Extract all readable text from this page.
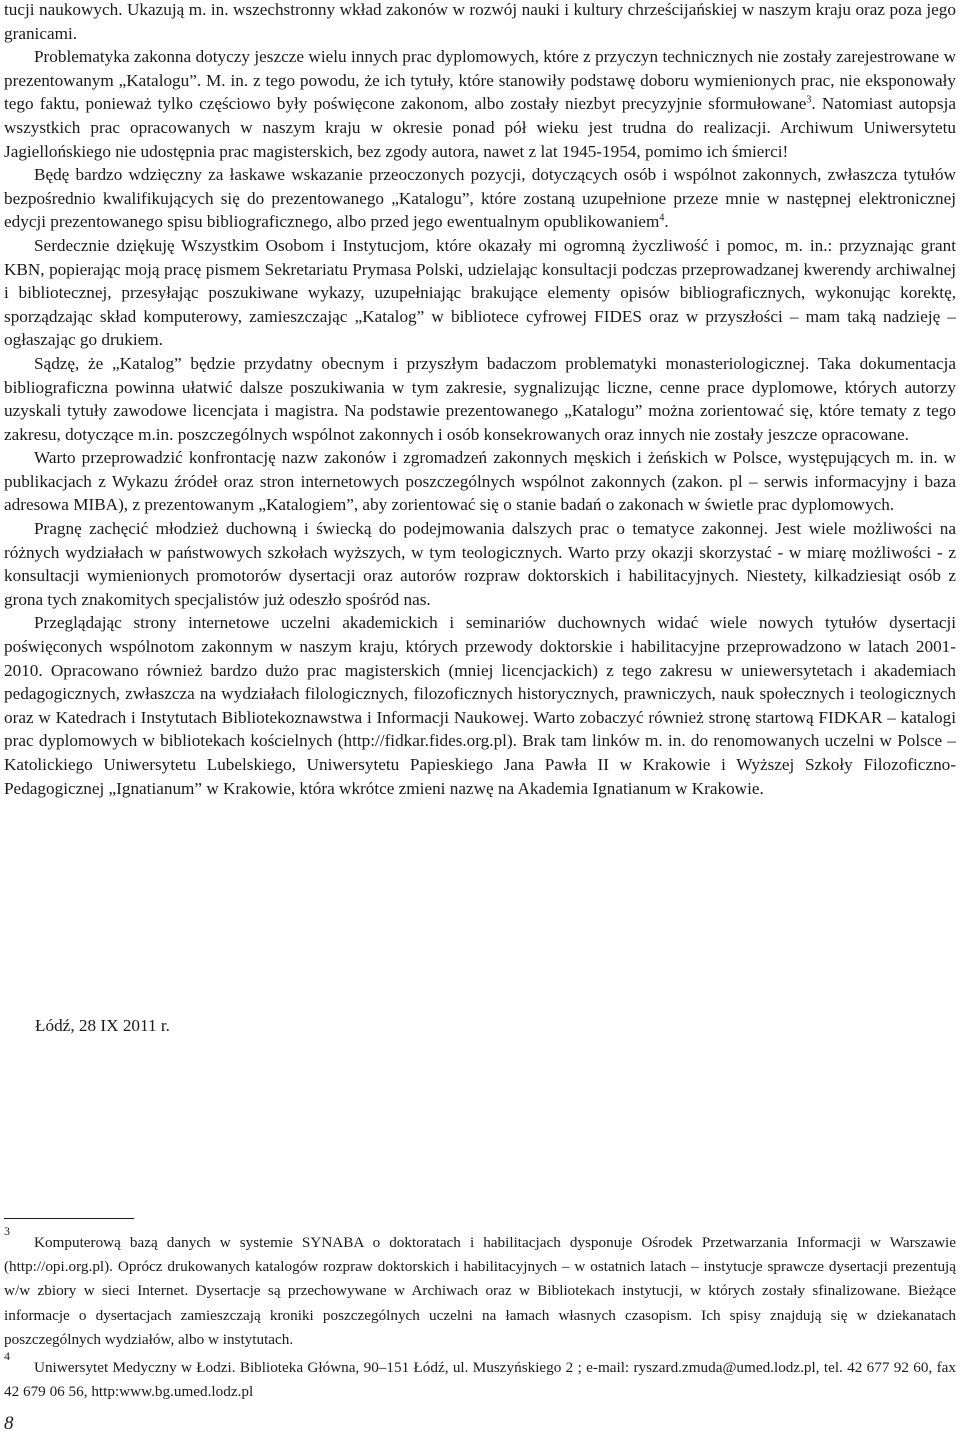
tucji naukowych. Ukazują m. in. wszechstronny wkład zakonów w rozwój nauki i kultury chrześcijańskiej w naszym kraju oraz poza jego granicami.

Problematyka zakonna dotyczy jeszcze wielu innych prac dyplomowych, które z przyczyn technicznych nie zostały zarejestrowane w prezentowanym „Katalogu”. M. in. z tego powodu, że ich tytuły, które stanowiły podstawę doboru wymienionych prac, nie eksponowały tego faktu, ponieważ tylko częściowo były poświęcone zakonom, albo zostały niezbyt precyzyjnie sformułowane$^3$. Natomiast autopsja wszystkich prac opracowanych w naszym kraju w okresie ponad pół wieku jest trudna do realizacji. Archiwum Uniwersytetu Jagiellońskiego nie udostępnia prac magisterskich, bez zgody autora, nawet z lat 1945-1954, pomimo ich śmierci!

Będę bardzo wdzięczny za łaskawe wskazanie przeoczonych pozycji, dotyczących osób i wspólnot zakonnych, zwłaszcza tytułów bezpośrednio kwalifikujących się do prezentowanego „Katalogu”, które zostaną uzupełnione przeze mnie w następnej elektronicznej edycji prezentowanego spisu bibliograficznego, albo przed jego ewentualnym opublikowaniem$^4$.

Serdecznie dziękuję Wszystkim Osobom i Instytucjom, które okazały mi ogromną życzliwość i pomoc, m. in.: przyznając grant KBN, popierając moją pracę pismem Sekretariatu Prymasa Polski, udzielając konsultacji podczas przeprowadzanej kwerendy archiwalnej i bibliotecznej, przesyłając poszukiwane wykazy, uzupełniając brakujące elementy opisów bibliograficznych, wykonując korektę, sporządzając skład komputerowy, zamieszczając „Katalog” w bibliotece cyfrowej FIDES oraz w przyszłości – mam taką nadzieję – ogłaszając go drukiem.

Sądzę, że „Katalog” będzie przydatny obecnym i przyszłym badaczom problematyki monasteriologicznej. Taka dokumentacja bibliograficzna powinna ułatwić dalsze poszukiwania w tym zakresie, sygnalizując liczne, cenne prace dyplomowe, których autorzy uzyskali tytuły zawodowe licencjata i magistra. Na podstawie prezentowanego „Katalogu” można zorientować się, które tematy z tego zakresu, dotyczące m.in. poszczególnych wspólnot zakonnych i osób konsekrowanych oraz innych nie zostały jeszcze opracowane.

Warto przeprowadzić konfrontację nazw zakonów i zgromadzeń zakonnych męskich i żeńskich w Polsce, występujących m. in. w publikacjach z Wykazu źródeł oraz stron internetowych poszczególnych wspólnot zakonnych (zakon. pl – serwis informacyjny i baza adresowa MIBA), z prezentowanym „Katalogiem”, aby zorientować się o stanie badań o zakonach w świetle prac dyplomowych.

Pragnę zachęcić młodzież duchowną i świecką do podejmowania dalszych prac o tematyce zakonnej. Jest wiele możliwości na różnych wydziałach w państwowych szkołach wyższych, w tym teologicznych. Warto przy okazji skorzystać - w miarę możliwości - z konsultacji wymienionych promotorów dysertacji oraz autorów rozpraw doktorskich i habilitacyjnych. Niestety, kilkadziesiąt osób z grona tych znakomitych specjalistów już odeszło spośród nas.

Przeglądając strony internetowe uczelni akademickich i seminariów duchownych widać wiele nowych tytułów dysertacji poświęconych wspólnotom zakonnym w naszym kraju, których przewody doktorskie i habilitacyjne przeprowadzono w latach 2001-2010. Opracowano również bardzo dużo prac magisterskich (mniej licencjackich) z tego zakresu w uniewersytetach i akademiach pedagogicznych, zwłaszcza na wydziałach filologicznych, filozoficznych historycznych, prawniczych, nauk społecznych i teologicznych oraz w Katedrach i Instytutach Bibliotekoznawstwa i Informacji Naukowej. Warto zobaczyć również stronę startową FIDKAR – katalogi prac dyplomowych w bibliotekach kościelnych (http://fidkar.fides.org.pl). Brak tam linków m. in. do renomowanych uczelni w Polsce – Katolickiego Uniwersytetu Lubelskiego, Uniwersytetu Papieskiego Jana Pawła II w Krakowie i Wyższej Szkoły Filozoficzno-Pedagogicznej „Ignatianum” w Krakowie, która wkrótce zmieni nazwę na Akademia Ignatianum w Krakowie.

Łódź, 28 IX 2011 r.
3

Komputerową bazą danych w systemie SYNABA o doktoratach i habilitacjach dysponuje Ośrodek Przetwarzania Informacji w Warszawie (http://opi.org.pl). Oprócz drukowanych katalogów rozpraw doktorskich i habilitacyjnych – w ostatnich latach – instytucje sprawcze dysertacji prezentują w/w zbiory w sieci Internet. Dysertacje są przechowywane w Archiwach oraz w Bibliotekach instytucji, w których zostały sfinalizowane. Bieżące informacje o dysertacjach zamieszczają kroniki poszczególnych uczelni na łamach własnych czasopism. Ich spisy znajdują się w dziekanatach poszczególnych wydziałów, albo w instytutach.

4

Uniwersytet Medyczny w Łodzi. Biblioteka Główna, 90–151 Łódź, ul. Muszyńskiego 2 ; e-mail: ryszard.zmuda@umed.lodz.pl, tel. 42 677 92 60, fax 42 679 06 56, http:www.bg.umed.lodz.pl

8
